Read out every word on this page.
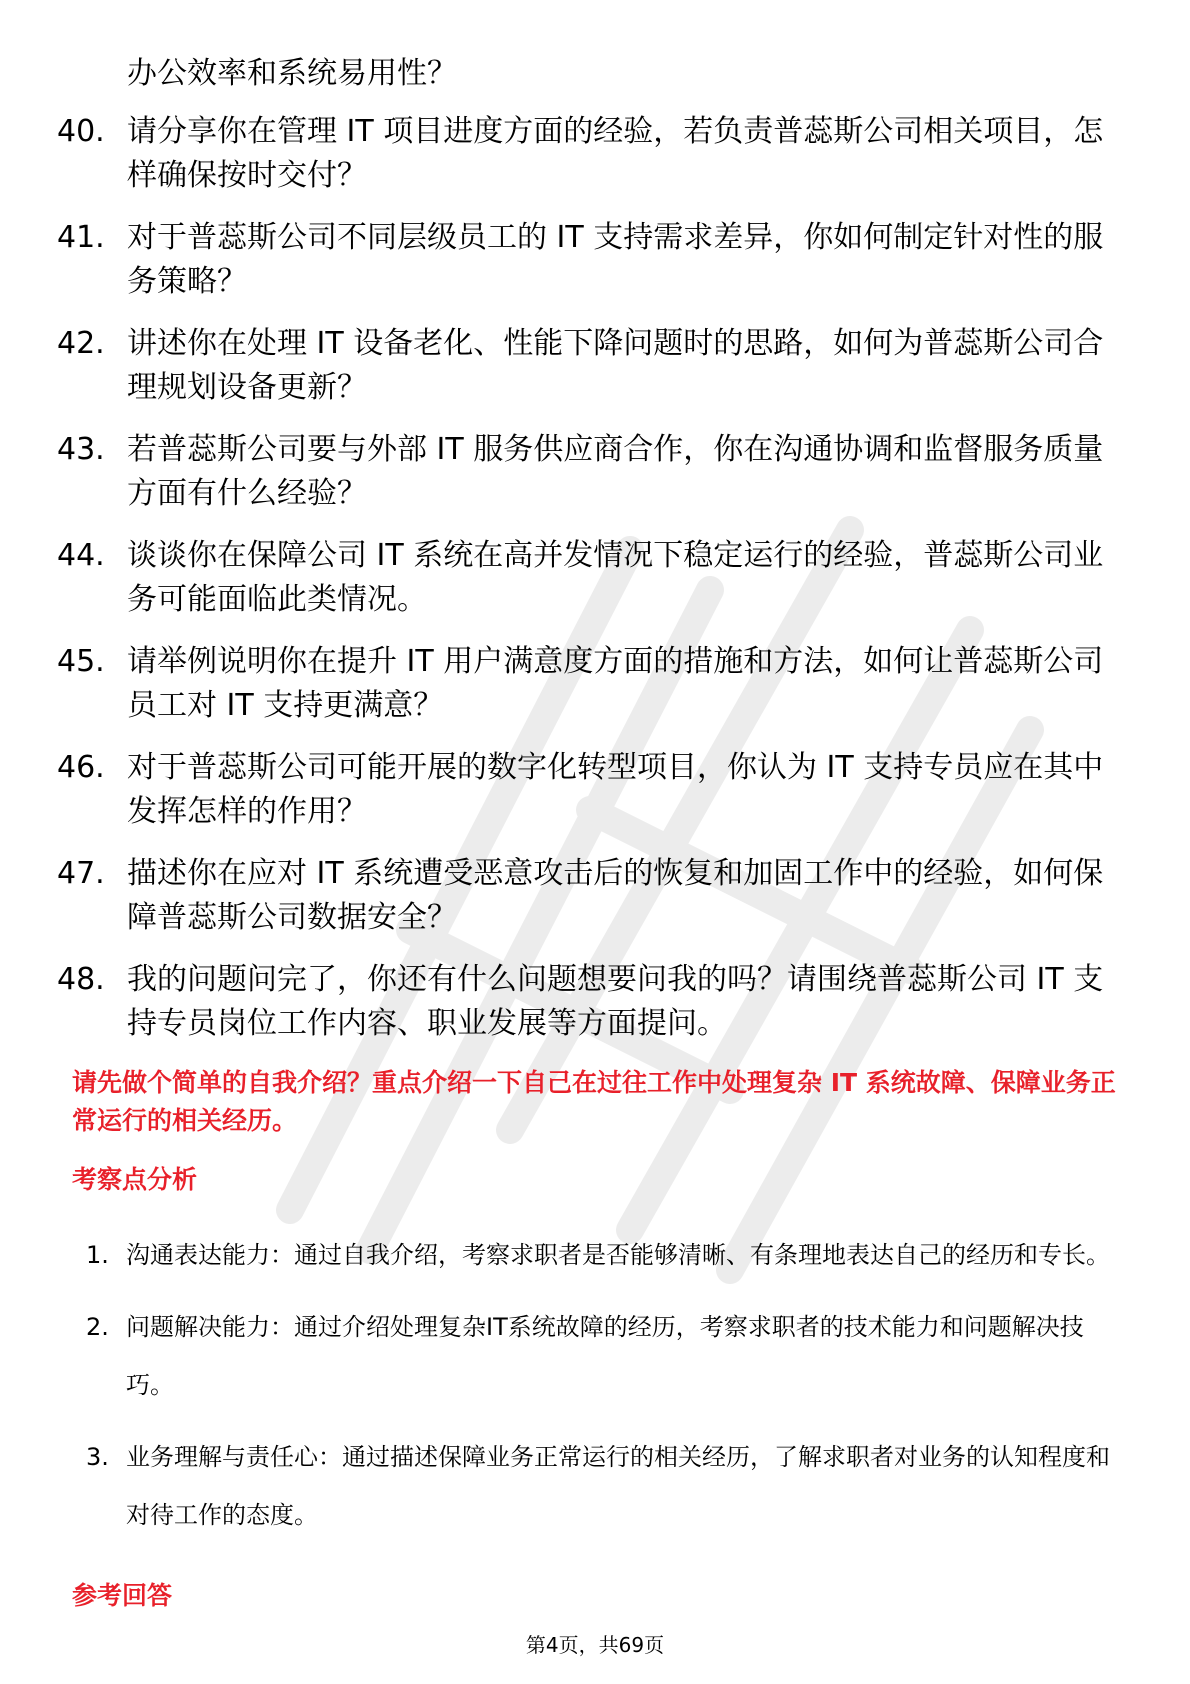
办公效率和系统易用性？
40. 请分享你在管理 IT 项目进度方面的经验，若负责普蕊斯公司相关项目，怎样确保按时交付？
41. 对于普蕊斯公司不同层级员工的 IT 支持需求差异，你如何制定针对性的服务策略？
42. 讲述你在处理 IT 设备老化、性能下降问题时的思路，如何为普蕊斯公司合理规划设备更新？
43. 若普蕊斯公司要与外部 IT 服务供应商合作，你在沟通协调和监督服务质量方面有什么经验？
44. 谈谈你在保障公司 IT 系统在高并发情况下稳定运行的经验，普蕊斯公司业务可能面临此类情况。
45. 请举例说明你在提升 IT 用户满意度方面的措施和方法，如何让普蕊斯公司员工对 IT 支持更满意？
46. 对于普蕊斯公司可能开展的数字化转型项目，你认为 IT 支持专员应在其中发挥怎样的作用？
47. 描述你在应对 IT 系统遭受恶意攻击后的恢复和加固工作中的经验，如何保障普蕊斯公司数据安全？
48. 我的问题问完了，你还有什么问题想要问我的吗？请围绕普蕊斯公司 IT 支持专员岗位工作内容、职业发展等方面提问。
请先做个简单的自我介绍？重点介绍一下自己在过往工作中处理复杂 IT 系统故障、保障业务正常运行的相关经历。
考察点分析
1. 沟通表达能力：通过自我介绍，考察求职者是否能够清晰、有条理地表达自己的经历和专长。
2. 问题解决能力：通过介绍处理复杂IT系统故障的经历，考察求职者的技术能力和问题解决技巧。
3. 业务理解与责任心：通过描述保障业务正常运行的相关经历，了解求职者对业务的认知程度和对待工作的态度。
参考回答
第4页，共69页
